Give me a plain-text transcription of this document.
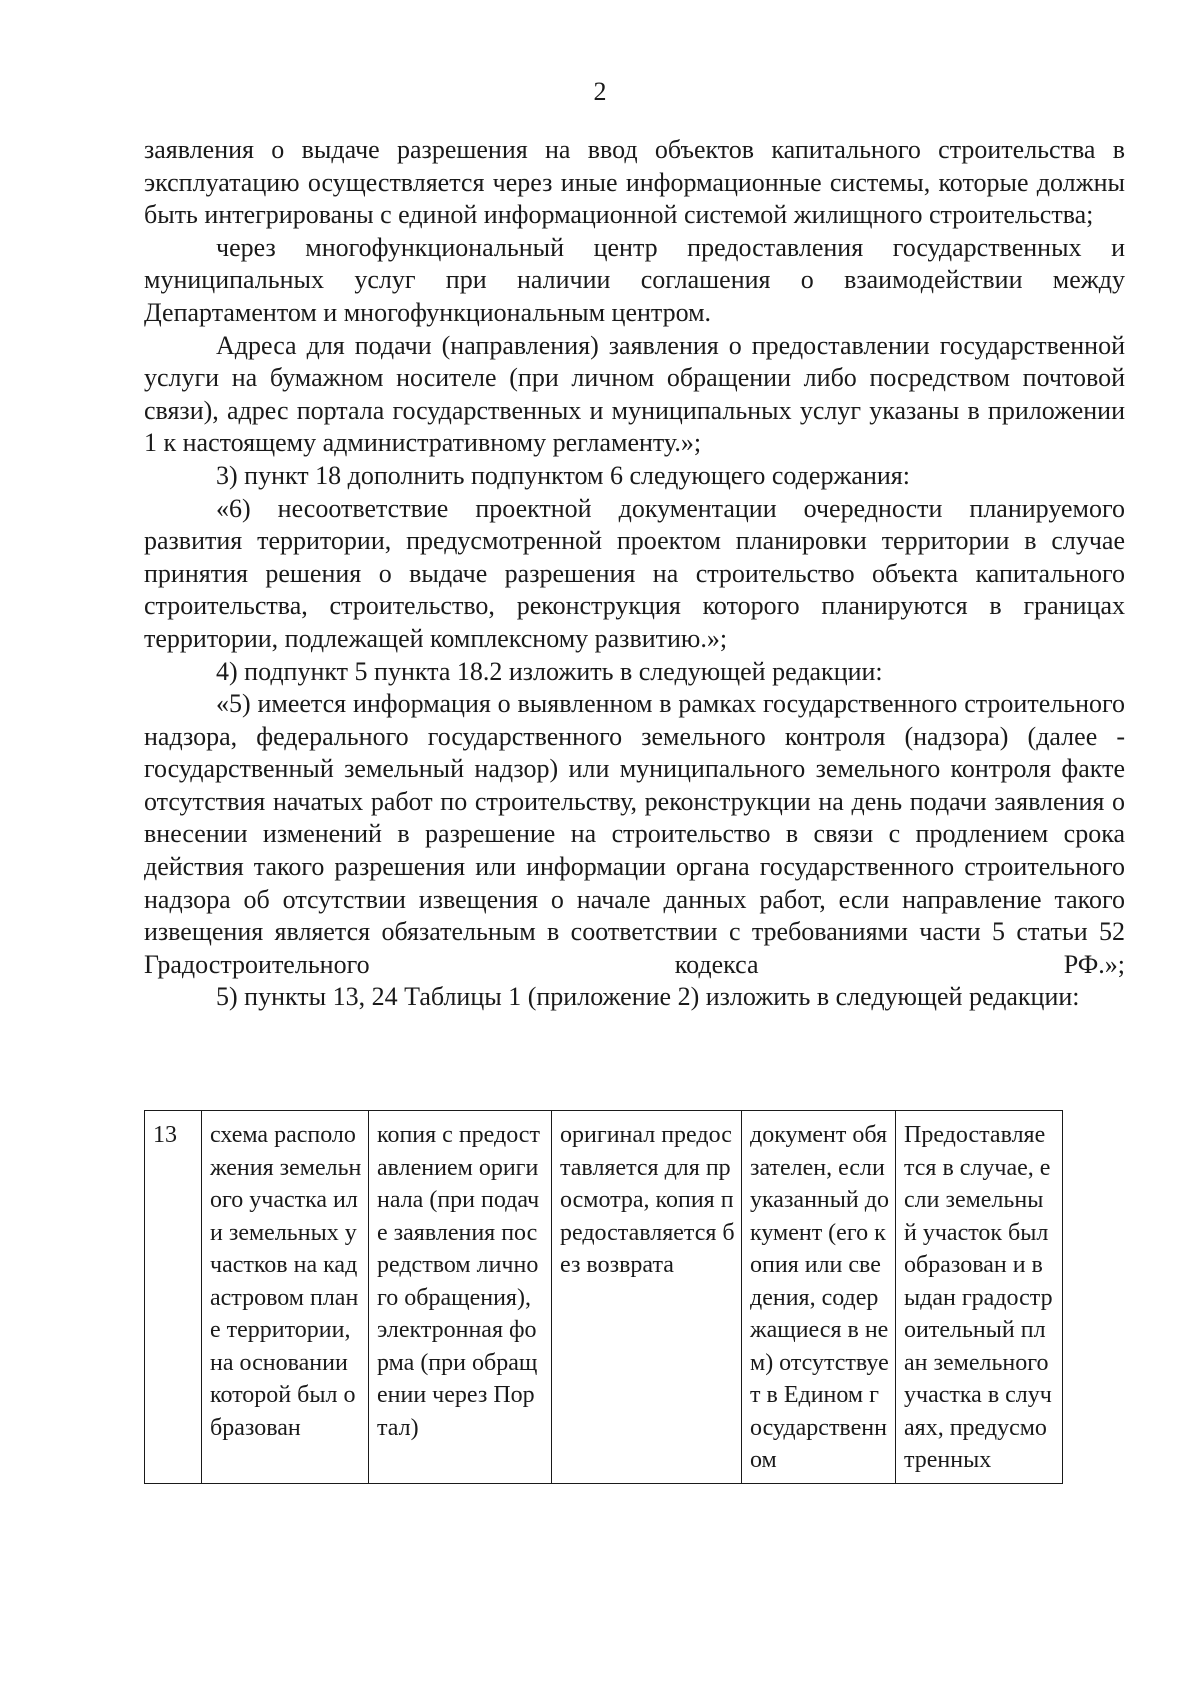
2

заявления о выдаче разрешения на ввод объектов капитального строительства в эксплуатацию осуществляется через иные информационные системы, которые должны быть интегрированы с единой информационной системой жилищного строительства;

через многофункциональный центр предоставления государственных и муниципальных услуг при наличии соглашения о взаимодействии между Департаментом и многофункциональным центром.

Адреса для подачи (направления) заявления о предоставлении государственной услуги на бумажном носителе (при личном обращении либо посредством почтовой связи), адрес портала государственных и муниципальных услуг указаны в приложении 1 к настоящему административному регламенту.»;

3) пункт 18 дополнить подпунктом 6 следующего содержания:

«6) несоответствие проектной документации очередности планируемого развития территории, предусмотренной проектом планировки территории в случае принятия решения о выдаче разрешения на строительство объекта капитального строительства, строительство, реконструкция которого планируются в границах территории, подлежащей комплексному развитию.»;

4) подпункт 5 пункта 18.2 изложить в следующей редакции:

«5) имеется информация о выявленном в рамках государственного строительного надзора, федерального государственного земельного контроля (надзора) (далее - государственный земельный надзор) или муниципального земельного контроля факте отсутствия начатых работ по строительству, реконструкции на день подачи заявления о внесении изменений в разрешение на строительство в связи с продлением срока действия такого разрешения или информации органа государственного строительного надзора об отсутствии извещения о начале данных работ, если направление такого извещения является обязательным в соответствии с требованиями части 5 статьи 52 Градостроительного кодекса РФ.»;

5) пункты 13, 24 Таблицы 1 (приложение 2) изложить в следующей редакции:

13	схема расположения земельного участка или земельных участков на кадастровом плане территории, на основании которой был образован	копия с предоставлением оригинала (при подаче заявления посредством личного обращения), электронная форма (при обращении через Портал)	оригинал предоставляется для просмотра, копия предоставляется без возврата	документ обязателен, если указанный документ (его копия или сведения, содержащиеся в нем) отсутствует в Едином государственном	Предоставляется в случае, если земельный участок был образован и выдан градостроительный план земельного участка в случаях, предусмотренных
